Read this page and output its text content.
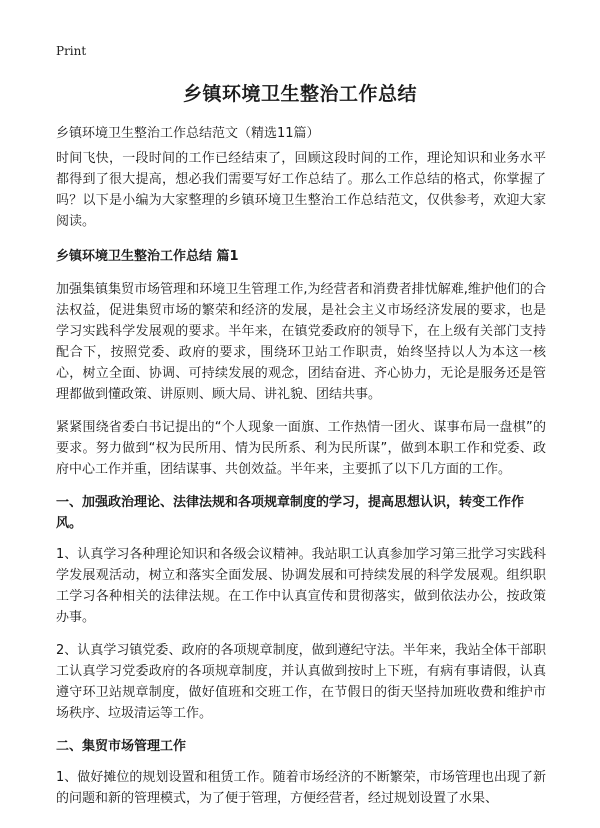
Print
乡镇环境卫生整治工作总结

乡镇环境卫生整治工作总结范文（精选11篇）

时间飞快，一段时间的工作已经结束了，回顾这段时间的工作，理论知识和业务水平都得到了很大提高，想必我们需要写好工作总结了。那么工作总结的格式，你掌握了吗？以下是小编为大家整理的乡镇环境卫生整治工作总结范文，仅供参考，欢迎大家阅读。

乡镇环境卫生整治工作总结 篇1

加强集镇集贸市场管理和环境卫生管理工作,为经营者和消费者排忧解难,维护他们的合法权益，促进集贸市场的繁荣和经济的发展，是社会主义市场经济发展的要求，也是学习实践科学发展观的要求。半年来，在镇党委政府的领导下，在上级有关部门支持配合下，按照党委、政府的要求，围绕环卫站工作职责，始终坚持以人为本这一核心，树立全面、协调、可持续发展的观念，团结奋进、齐心协力，无论是服务还是管理都做到懂政策、讲原则、顾大局、讲礼貌、团结共事。

紧紧围绕省委白书记提出的“个人现象一面旗、工作热情一团火、谋事布局一盘棋”的要求。努力做到“权为民所用、情为民所系、利为民所谋”，做到本职工作和党委、政府中心工作并重，团结谋事、共创效益。半年来，主要抓了以下几方面的工作。

一、加强政治理论、法律法规和各项规章制度的学习，提高思想认识，转变工作作风。

1、认真学习各种理论知识和各级会议精神。我站职工认真参加学习第三批学习实践科学发展观活动，树立和落实全面发展、协调发展和可持续发展的科学发展观。组织职工学习各种相关的法律法规。在工作中认真宣传和贯彻落实，做到依法办公，按政策办事。

2、认真学习镇党委、政府的各项规章制度，做到遵纪守法。半年来，我站全体干部职工认真学习党委政府的各项规章制度，并认真做到按时上下班，有病有事请假，认真遵守环卫站规章制度，做好值班和交班工作，在节假日的街天坚持加班收费和维护市场秩序、垃圾清运等工作。

二、集贸市场管理工作

1、做好摊位的规划设置和租赁工作。随着市场经济的不断繁荣，市场管理也出现了新的问题和新的管理模式，为了便于管理，方便经营者，经过规划设置了水果、
